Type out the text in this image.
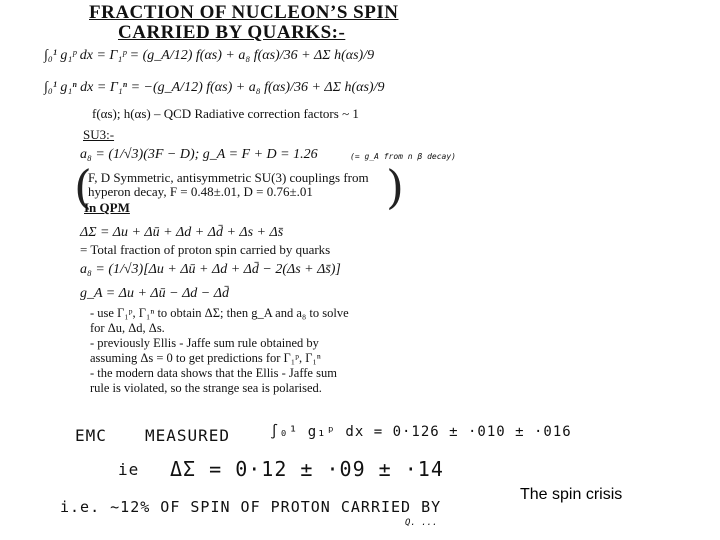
FRACTION OF NUCLEON’S SPIN
CARRIED BY QUARKS:-
∫₀¹ g₁ᵖ dx = Γ₁ᵖ = (g_A/12) f(αs) + a₈ f(αs)/36 + ΔΣ h(αs)/9
∫₀¹ g₁ⁿ dx = Γ₁ⁿ = −(g_A/12) f(αs) + a₈ f(αs)/36 + ΔΣ h(αs)/9
f(αs); h(αs) – QCD Radiative correction factors ~ 1
SU3:-
a₈ = (1/√3)(3F − D); g_A = F + D = 1.26	(= g_A from n β decay)
(
F, D Symmetric, antisymmetric SU(3) couplings from
hyperon decay, F = 0.48±.01, D = 0.76±.01 )
In QPM
ΔΣ = Δu + Δū + Δd + Δd̄ + Δs + Δs̄
= Total fraction of proton spin carried by quarks
a₈ = (1/√3)[Δu + Δū + Δd + Δd̄ − 2(Δs + Δs̄)]
g_A = Δu + Δū − Δd − Δd̄
- use Γ₁ᵖ, Γ₁ⁿ to obtain ΔΣ; then g_A and a₈ to solve
for Δu, Δd, Δs.
- previously Ellis - Jaffe sum rule obtained by
assuming Δs = 0 to get predictions for Γ₁ᵖ, Γ₁ⁿ
- the modern data shows that the Ellis - Jaffe sum
rule is violated, so the strange sea is polarised.
EMC MEASURED	∫₀¹ g₁ᵖ dx = 0·126 ± ·010 ± ·016
ie ΔΣ = 0·12 ± ·09 ± ·14
i.e. ~12% OF SPIN OF PROTON CARRIED BY
Q. ...
The spin crisis
